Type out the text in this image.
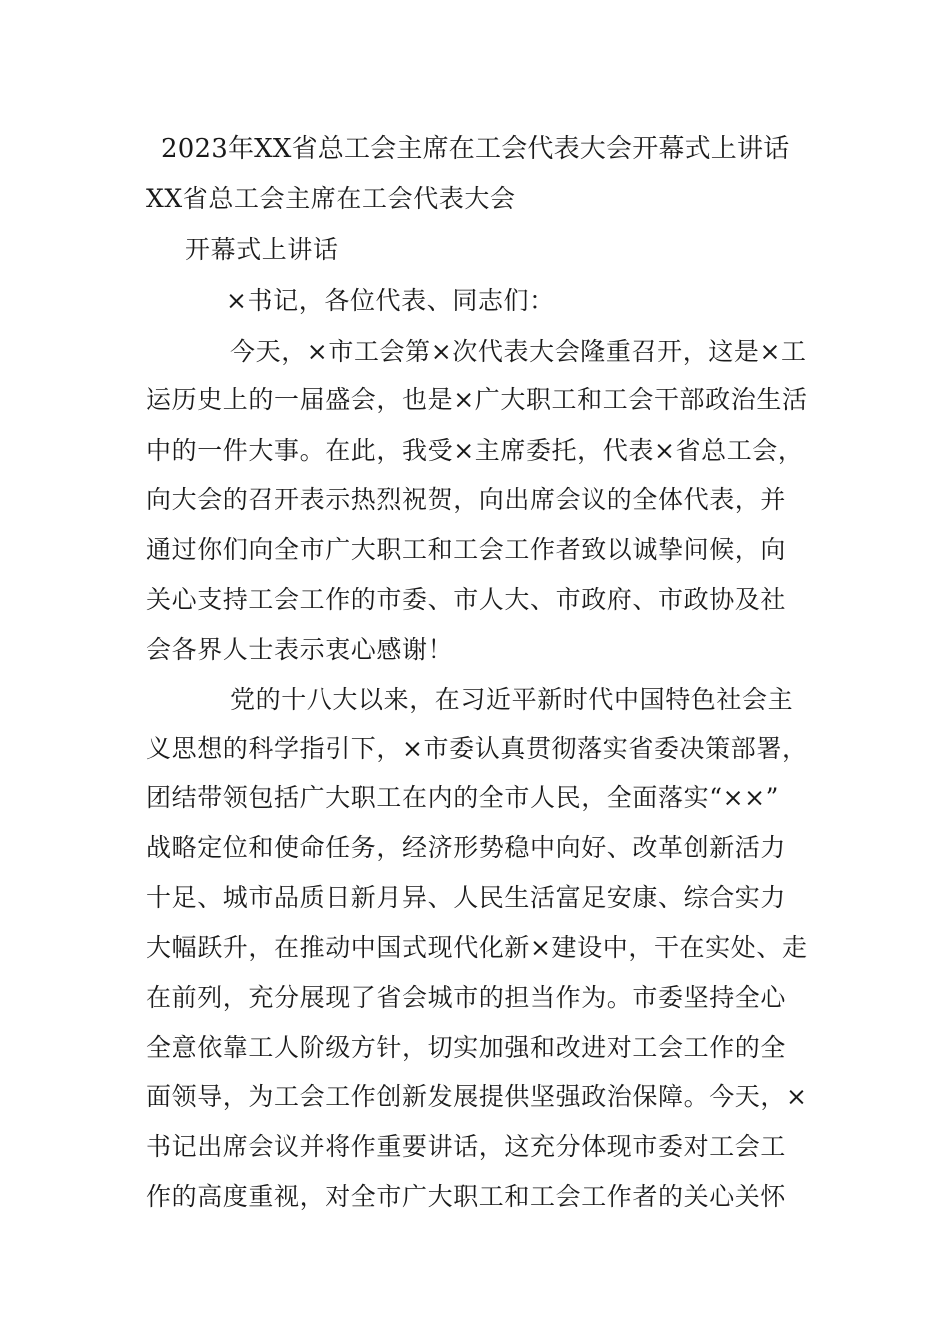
2023年XX省总工会主席在工会代表大会开幕式上讲话
XX省总工会主席在工会代表大会
开幕式上讲话
×书记，各位代表、同志们：
今天，×市工会第×次代表大会隆重召开，这是×工
运历史上的一届盛会，也是×广大职工和工会干部政治生活
中的一件大事。在此，我受×主席委托，代表×省总工会，
向大会的召开表示热烈祝贺，向出席会议的全体代表，并
通过你们向全市广大职工和工会工作者致以诚挚问候，向
关心支持工会工作的市委、市人大、市政府、市政协及社
会各界人士表示衷心感谢！
党的十八大以来，在习近平新时代中国特色社会主
义思想的科学指引下，×市委认真贯彻落实省委决策部署，
团结带领包括广大职工在内的全市人民，全面落实“××”
战略定位和使命任务，经济形势稳中向好、改革创新活力
十足、城市品质日新月异、人民生活富足安康、综合实力
大幅跃升，在推动中国式现代化新×建设中，干在实处、走
在前列，充分展现了省会城市的担当作为。市委坚持全心
全意依靠工人阶级方针，切实加强和改进对工会工作的全
面领导，为工会工作创新发展提供坚强政治保障。今天，×
书记出席会议并将作重要讲话，这充分体现市委对工会工
作的高度重视，对全市广大职工和工会工作者的关心关怀
